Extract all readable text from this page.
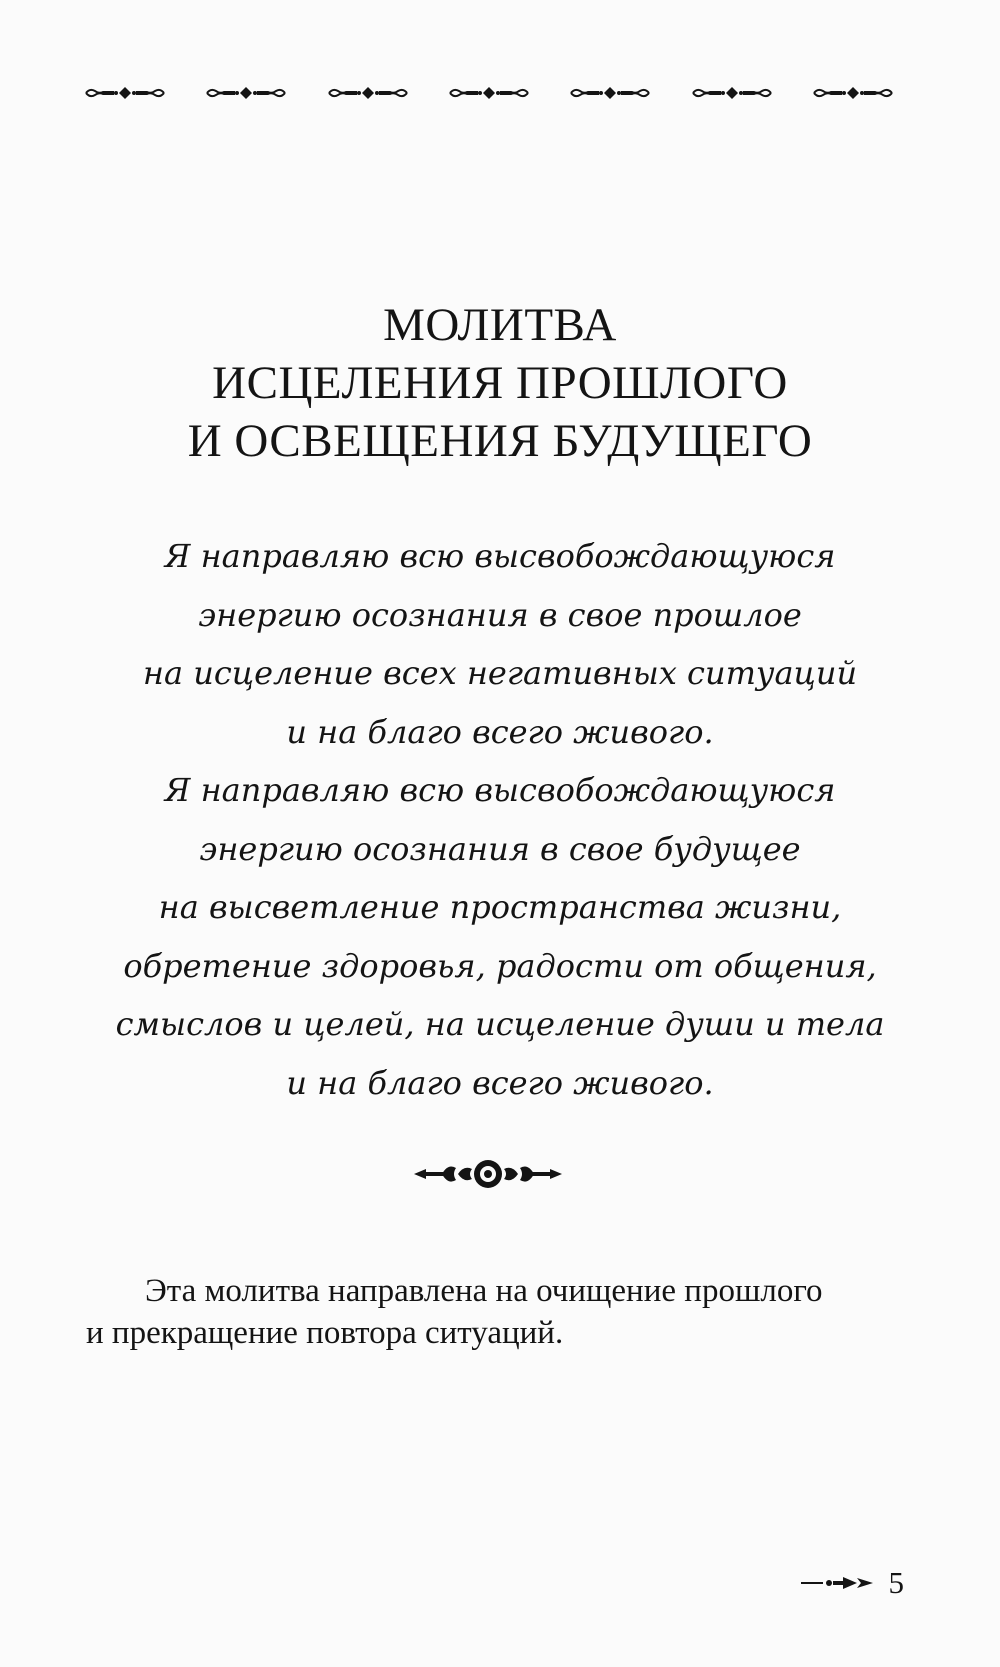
МОЛИТВА
ИСЦЕЛЕНИЯ ПРОШЛОГО
И ОСВЕЩЕНИЯ БУДУЩЕГО
Я направляю всю высвобождающуюся
энергию осознания в свое прошлое
на исцеление всех негативных ситуаций
и на благо всего живого.
Я направляю всю высвобождающуюся
энергию осознания в свое будущее
на высветление пространства жизни,
обретение здоровья, радости от общения,
смыслов и целей, на исцеление души и тела
и на благо всего живого.
Эта молитва направлена на очищение прошлого
и прекращение повтора ситуаций.
5
